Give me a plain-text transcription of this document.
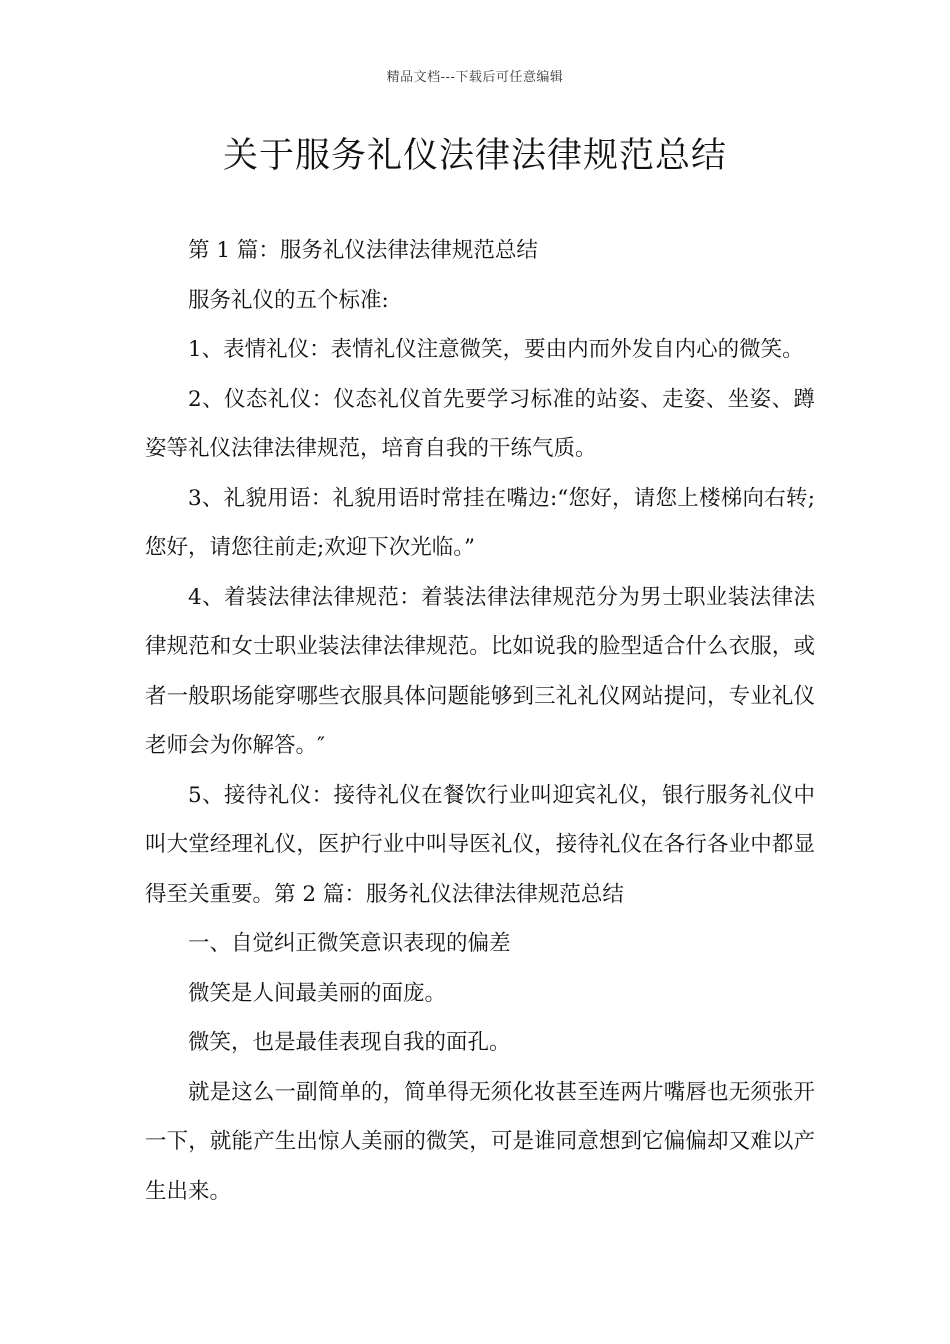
精品文档---下载后可任意编辑
关于服务礼仪法律法律规范总结

第 1 篇：服务礼仪法律法律规范总结

服务礼仪的五个标准:

1、表情礼仪：表情礼仪注意微笑，要由内而外发自内心的微笑。

2、仪态礼仪：仪态礼仪首先要学习标准的站姿、走姿、坐姿、蹲姿等礼仪法律法律规范，培育自我的干练气质。

3、礼貌用语：礼貌用语时常挂在嘴边:“您好，请您上楼梯向右转;您好，请您往前走;欢迎下次光临。”

4、着装法律法律规范：着装法律法律规范分为男士职业装法律法律规范和女士职业装法律法律规范。比如说我的脸型适合什么衣服，或者一般职场能穿哪些衣服具体问题能够到三礼礼仪网站提问，专业礼仪老师会为你解答。″

5、接待礼仪：接待礼仪在餐饮行业叫迎宾礼仪，银行服务礼仪中叫大堂经理礼仪，医护行业中叫导医礼仪，接待礼仪在各行各业中都显得至关重要。第 2 篇：服务礼仪法律法律规范总结

一、自觉纠正微笑意识表现的偏差

微笑是人间最美丽的面庞。

微笑，也是最佳表现自我的面孔。

就是这么一副简单的，简单得无须化妆甚至连两片嘴唇也无须张开一下，就能产生出惊人美丽的微笑，可是谁同意想到它偏偏却又难以产生出来。
